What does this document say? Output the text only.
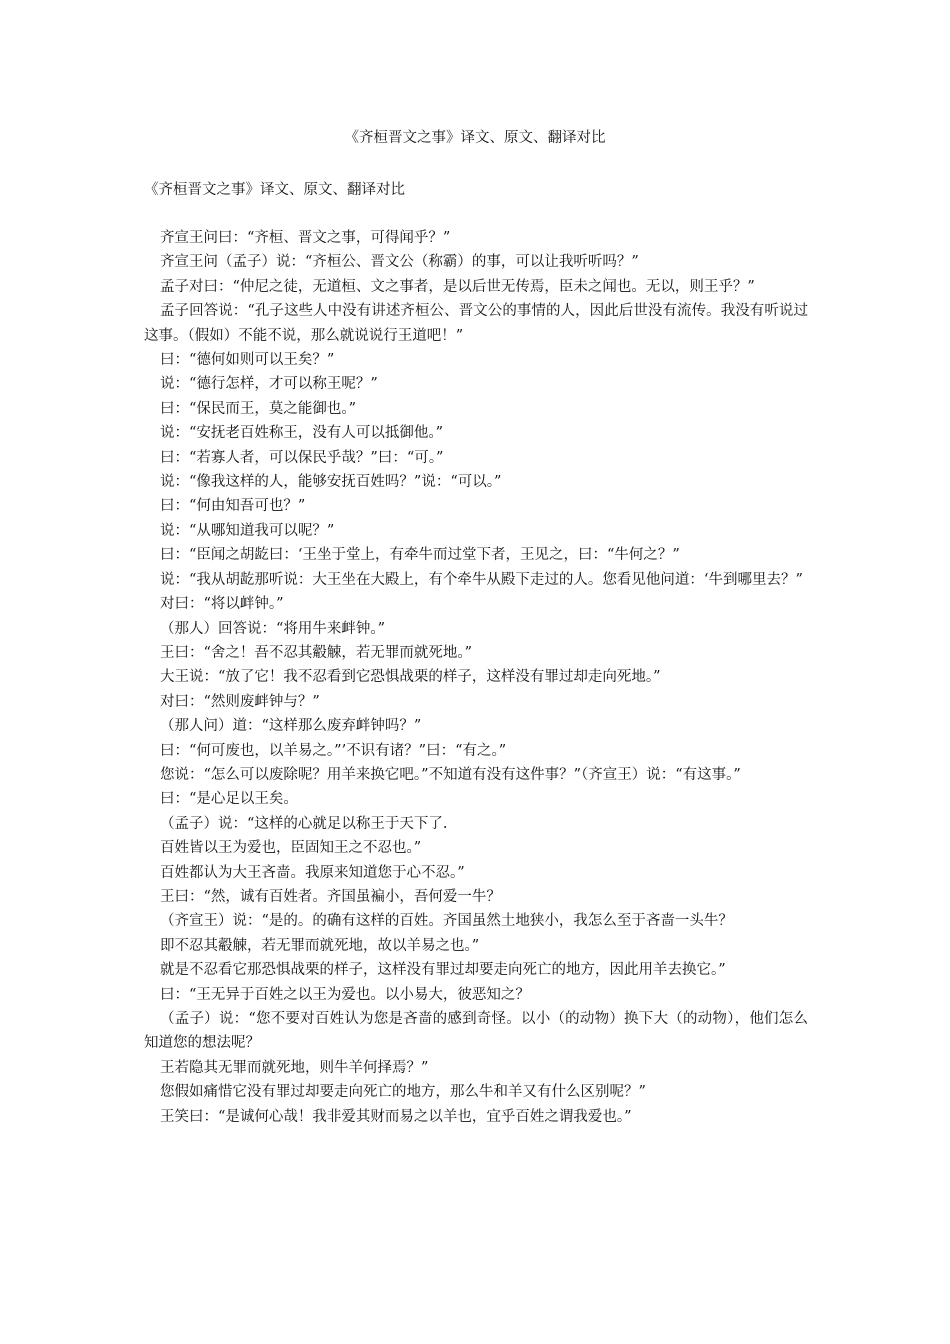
《齐桓晋文之事》译文、原文、翻译对比
《齐桓晋文之事》译文、原文、翻译对比

齐宣王问曰：“齐桓、晋文之事，可得闻乎？”

齐宣王问（孟子）说：“齐桓公、晋文公（称霸）的事，可以让我听听吗？”

孟子对曰：“仲尼之徒，无道桓、文之事者，是以后世无传焉，臣未之闻也。无以，则王乎？”

孟子回答说：“孔子这些人中没有讲述齐桓公、晋文公的事情的人，因此后世没有流传。我没有听说过这事。（假如）不能不说，那么就说说行王道吧！”

曰：“德何如则可以王矣？”

说：“德行怎样，才可以称王呢？”

曰：“保民而王，莫之能御也。”

说：“安抚老百姓称王，没有人可以抵御他。”

曰：“若寡人者，可以保民乎哉？”曰：“可。”

说：“像我这样的人，能够安抚百姓吗？”说：“可以。”

曰：“何由知吾可也？”

说：“从哪知道我可以呢？”

曰：“臣闻之胡龁曰：‘王坐于堂上，有牵牛而过堂下者，王见之，曰：“牛何之？”

说：“我从胡龁那听说：大王坐在大殿上，有个牵牛从殿下走过的人。您看见他问道：‘牛到哪里去？”

对曰：“将以衅钟。”

（那人）回答说：“将用牛来衅钟。”

王曰：“舍之！吾不忍其觳觫，若无罪而就死地。”

大王说：“放了它！我不忍看到它恐惧战栗的样子，这样没有罪过却走向死地。”

对曰：“然则废衅钟与？”

（那人问）道：“这样那么废弃衅钟吗？”

曰：“何可废也，以羊易之。”’不识有诸？”曰：“有之。”

您说：“怎么可以废除呢？用羊来换它吧。”不知道有没有这件事？”（齐宣王）说：“有这事。”

曰：“是心足以王矣。

（孟子）说：“这样的心就足以称王于天下了.

百姓皆以王为爱也，臣固知王之不忍也。”

百姓都认为大王吝啬。我原来知道您于心不忍。”

王曰：“然，诚有百姓者。齐国虽褊小，吾何爱一牛？

（齐宣王）说：“是的。的确有这样的百姓。齐国虽然土地狭小，我怎么至于吝啬一头牛？

即不忍其觳觫，若无罪而就死地，故以羊易之也。”

就是不忍看它那恐惧战栗的样子，这样没有罪过却要走向死亡的地方，因此用羊去换它。”

曰：“王无异于百姓之以王为爱也。以小易大，彼恶知之？

（孟子）说：“您不要对百姓认为您是吝啬的感到奇怪。以小（的动物）换下大（的动物），他们怎么知道您的想法呢？

王若隐其无罪而就死地，则牛羊何择焉？”

您假如痛惜它没有罪过却要走向死亡的地方，那么牛和羊又有什么区别呢？”

王笑曰：“是诚何心哉！我非爱其财而易之以羊也，宜乎百姓之谓我爱也。”
